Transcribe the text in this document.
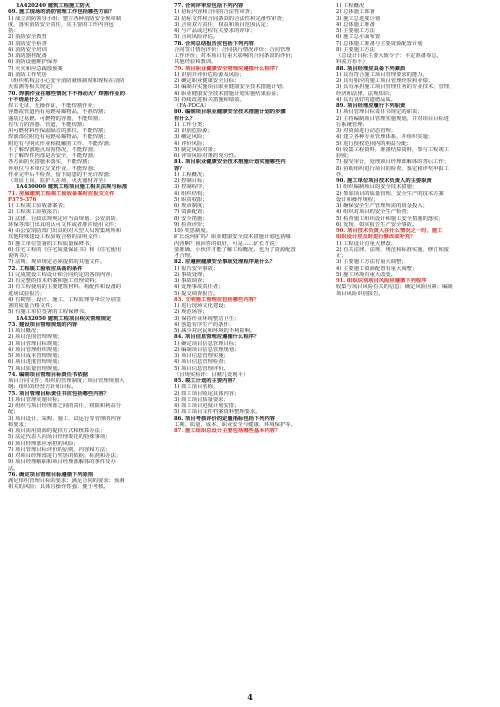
1A420240 建筑工程施工防火
69. 施工现场的消防管理工作包括哪些方面？
1) 成立消防领导小组：建立各种消防安全规章制
度，落实消防安全责任，其主要的工作内容包
括：
2) 消防安全教育
3) 消防安全检查
4) 消防安全培训
5) 消防器材配备
6) 消防设施维护保养
7) 灭火和应急疏散预案
8) 消防工作奖惩
（组织机构会小心安全消防就班制度和现程在动防
火监测等相关规定）
70. 焊割作业在哪些情况下不得动火？焊割作业的
十不烧是什么？
焊工无证、无操作证，不能焊割作业；
容器或管道内有易燃易爆物品，不准焊割；
盛装过易燃、可燃物的容器，不能焊割；
有压力的容器、管道，不能焊割；
用可燃材料作保温隔音的部位，不能焊割；
焊割部位附近有易燃易爆物品，不能焊割；
附近有与明火作业相抵触的工作，不能焊割；
不了解焊割地点周围情况，不能焊割；
不了解焊件内部是否安全，不能焊割；
各方面防火措施未落实，不能焊割；
外单位与本单位交叉作业，不能焊割；
作业完毕后不检查，留下隐患的不允许焊割；
（双证上岗，监护人在场，灭火器材齐全）
1A430000 建筑工程项目施工相关法规与标准
71. 房屋建筑工程竣工验收备案时应报交文件
P375-376
1) 工程竣工验收备案表；
2) 工程竣工验收报告；
3) 法律、行政法规规定应当由规划、公安消防、
环保等部门出具的认可文件或者准许使用文件；
4) 由公安消防部门出具的对大型人员密集场所和
其他特殊建设工程验收合格的证明文件；
5) 施工单位签署的工程质量保修书；
6) 住宅工程的《住宅质量保证书》和《住宅使用
说明书》；
7) 法规、规章规定必须提供的其他文件。
72. 工程竣工验收应具备的条件
1) 完成建设工程设计和合同约定的各项内容；
2) 有完整的技术档案和施工管理资料；
3) 有工程使用的主要建筑材料、构配件和设备的
进场试验报告；
4) 有勘察、设计、施工、工程监理等单位分别签
署的质量合格文件；
5) 有施工单位签署的工程保修书。
1A432050 建筑工程项目相关管理规定
73. 建设项目管理规划的内容
1) 项目概况；
2) 项目范围管理规划；
3) 项目管理目标规划；
4) 项目管理组织规划；
5) 项目成本管理规划；
6) 项目进度管理规划；
7) 项目质量管理规划。
74. 编制项目管理目标责任书依据
项目合同文件；组织的管理制度；项目管理规划大
纲；组织的经营方针和目标。
75. 项目管理目标责任书应包括哪些内容？
1) 项目管理实施目标；
2) 组织与项目经理部之间的责任、权限和利益分
配；
3) 项目设计、采购、施工、试运行等管理的内容
和要求；
4) 项目需用资源的提供方式和核算办法；
5) 法定代表人向项目经理委托的特殊事项；
6) 项目经理部应承担的风险；
7) 项目管理目标评价的原则、内容和方法；
8) 对项目经理部进行奖惩的依据、标准和办法；
9) 项目经理解职和项目经理部解体的条件及办
法。
76. 确定项目管理目标遵循下列原则
满足组织管理目标的要求；满足合同的要求；预测
相关的风险；具体且操作性强；便于考核。
77. 合同评审应包括下列内容
1) 招标内容和合同的合法性审查；
2) 招标文件和合同条款的合法性和完备性审查；
3) 合同双方责任、权益和项目范围认定；
4) 与产品或过程有关要求的评审；
5) 合同风险评估。
78. 合同总结报告应包括下列内容
合同签订情况评价；合同执行情况评价；合同管理
工作评价；对本项目有重大影响的合同条款的评价；
其他经验和教训。
79. 项目职业健康安全管理应遵循什么程序？
1) 识别并评价危险源及风险；
2) 确定职业健康安全目标；
3) 编制并实施项目职业健康安全技术措施计划；
4) 职业健康安全技术措施计划实施结果验证；
5) 持续改进相关措施和绩效。
（FA-PDCA）
80. 编制项目职业健康安全技术措施计划的步骤
有什么？
1) 工作分类；
2) 识别危险源；
3) 确定风险；
4) 评价风险；
5) 制定风险对策；
6) 评审风险对策的充分性。
81. 项目职业健康安全技术措施计划实施哪些内
容？
1) 工程概况；
2) 控制目标；
3) 控制程序；
4) 组织结构；
5) 职责权限；
6) 规章制度；
7) 资源配置；
8) 安全措施；
9) 检查评价；
10) 奖惩制度。
矿长说何矿吗？职业健康安全技术措施计划包括哪
内容啊？我回答的很好，可是……矿长才说：
要准确，小伙伴才能了解工程概况，也为了资源配置
才合理。
82. 应遵照健康安全事故处理程序是什么？
1) 报告安全事故；
2) 事故处理；
3) 事故调查；
4) 处理事故责任者；
5) 提交调查报告。
83. 文明施工管理应包括哪些内容？
1) 进行现场文化建设；
2) 规范场容；
3) 保持作业环境整洁卫生；
4) 创造有序生产的条件；
5) 减少对居民和环境的不利影响。
84. 项目信息管理应遵循什么程序？
1) 确定项目信息管理目标；
2) 编制项目信息管理规划；
3) 项目信息管理实施；
4) 项目信息管理检查；
5) 项目信息管理评价。
（目规实检评：目测几处观平）
85. 竣工计划的主要内容？
1) 竣工项目名称；
2) 竣工项目收尾具体内容；
3) 竣工项目质量要求；
4) 竣工项目进度计划安排；
5) 竣工项目文件档案资料整理要求。
86. 项目考核评价的定量指标包括下列内容
工期、质量、成本、职业安全与健康、环境保护等。
87. 施工组织总设计主要包括哪些基本内容？
1) 工程概况
2) 总体施工部署
3) 施工总进度计划
4) 总体施工准备
5) 主要施工方法
6) 施工总平面布置
7) 总体施工准备与主要资源配置计划
8) 主要施工方法
（总设计目标主要大致令子：平定准备筹总，
料流方布平）
88. 项目经理应具备下列素质
1) 具有符合施工项目管理要求的能力，
2) 具有相应的施工项目管理经验和业绩；
3) 具有承担施工项目管理任务的专业技术、管理、
经济和法律、法规知识；
4) 具有良好的道德品质。
89. 项目经理应履行下列职责
1) 项目管理目标责任书规定的职责；
2) 主持编制项目管理实施规划，并对项目目标进
行系统管理；
3) 对资源进行动态管理；
4) 建立各种专业管理体系，并组织实施；
5) 进行授权范围内的利益分配；
6) 收集工程资料，准备结算资料，参与工程竣工
验收；
7) 接受审计，处理项目经理部解体的善后工作；
8) 协助组织进行项目的检查、鉴定和评奖申报工
作。
90. 施工单位项目技术负责人的主要职责
1) 组织编制项目的安全技术措施；
2) 参加项目的质量管理、安全生产的技术方案
设计和操作规程；
3) 确保安全生产管理所需的资金投入；
4) 组织对项目的安全生产检查；
5) 检查施工组织设计和施工安全措施的落实；
6) 发现、如实报告生产安全事故。
90. 项目技术负责人在什么情况之一时，施工
组织设计应及时进行修改或补充？
1) 工程设计有重大修改；
2) 有关法律、法规、规范和标准实施、修订和废
止；
3) 主要施工方法有重大调整；
4) 主要施工资源配置有重大调整；
5) 施工环境有重大改变。
91. 组织识别项目风险应遵循下列程序
收集与项目风险有关的信息；确定风险因素；编制
项目风险识别报告。
4
